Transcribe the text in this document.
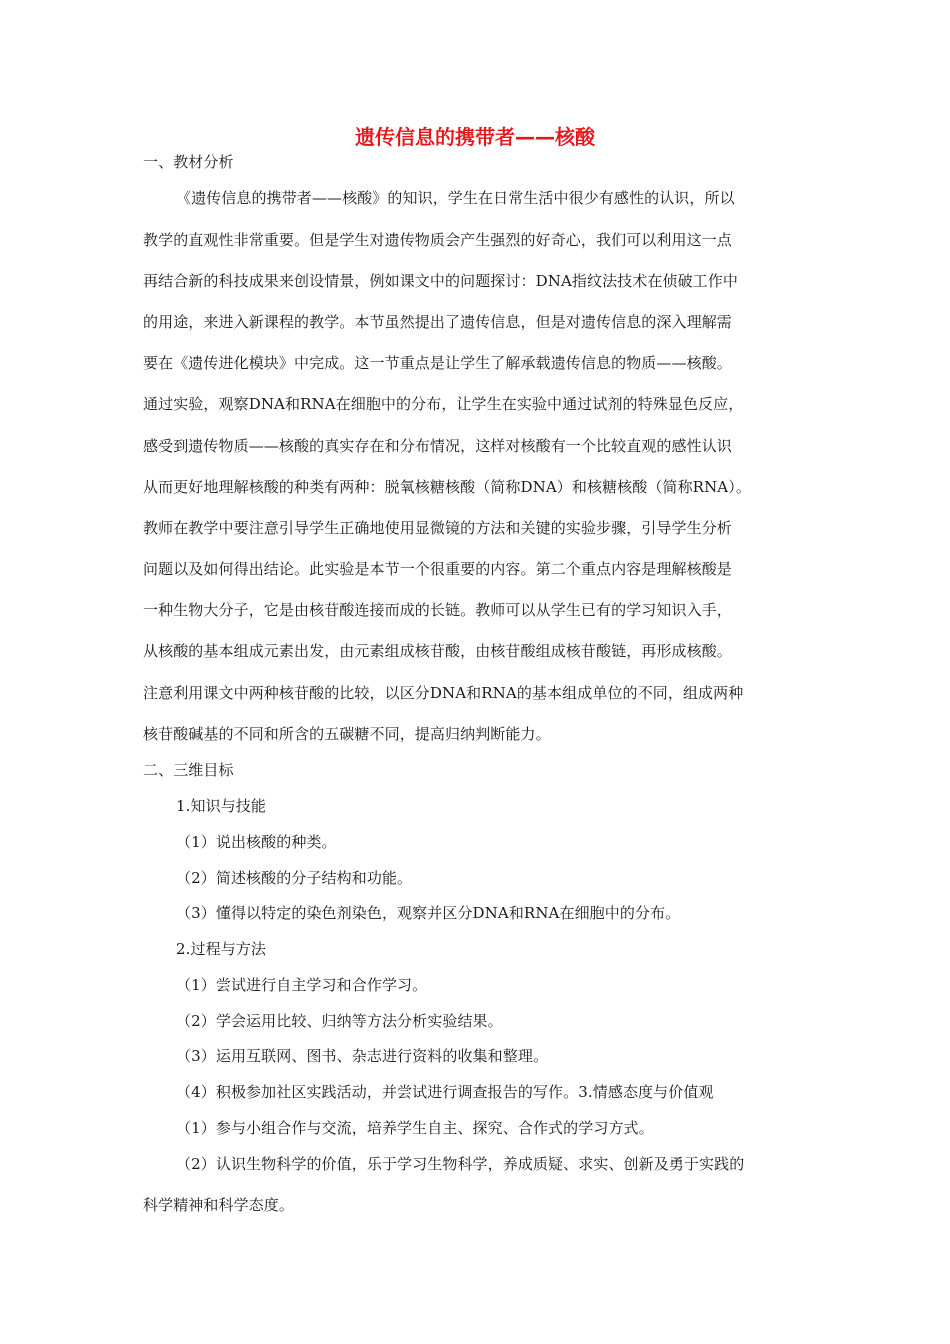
遗传信息的携带者——核酸
一、教材分析
《遗传信息的携带者——核酸》的知识，学生在日常生活中很少有感性的认识，所以
教学的直观性非常重要。但是学生对遗传物质会产生强烈的好奇心，我们可以利用这一点
再结合新的科技成果来创设情景，例如课文中的问题探讨：DNA指纹法技术在侦破工作中
的用途，来进入新课程的教学。本节虽然提出了遗传信息，但是对遗传信息的深入理解需
要在《遗传进化模块》中完成。这一节重点是让学生了解承载遗传信息的物质——核酸。
通过实验，观察DNA和RNA在细胞中的分布，让学生在实验中通过试剂的特殊显色反应，
感受到遗传物质——核酸的真实存在和分布情况，这样对核酸有一个比较直观的感性认识
从而更好地理解核酸的种类有两种：脱氧核糖核酸（简称DNA）和核糖核酸（简称RNA）。
教师在教学中要注意引导学生正确地使用显微镜的方法和关键的实验步骤，引导学生分析
问题以及如何得出结论。此实验是本节一个很重要的内容。第二个重点内容是理解核酸是
一种生物大分子，它是由核苷酸连接而成的长链。教师可以从学生已有的学习知识入手，
从核酸的基本组成元素出发，由元素组成核苷酸，由核苷酸组成核苷酸链，再形成核酸。
注意利用课文中两种核苷酸的比较，以区分DNA和RNA的基本组成单位的不同，组成两种
核苷酸碱基的不同和所含的五碳糖不同，提高归纳判断能力。
二、三维目标
1.知识与技能
（1）说出核酸的种类。
（2）简述核酸的分子结构和功能。
（3）懂得以特定的染色剂染色，观察并区分DNA和RNA在细胞中的分布。
2.过程与方法
（1）尝试进行自主学习和合作学习。
（2）学会运用比较、归纳等方法分析实验结果。
（3）运用互联网、图书、杂志进行资料的收集和整理。
（4）积极参加社区实践活动，并尝试进行调查报告的写作。3.情感态度与价值观
（1）参与小组合作与交流，培养学生自主、探究、合作式的学习方式。
（2）认识生物科学的价值，乐于学习生物科学，养成质疑、求实、创新及勇于实践的
科学精神和科学态度。
